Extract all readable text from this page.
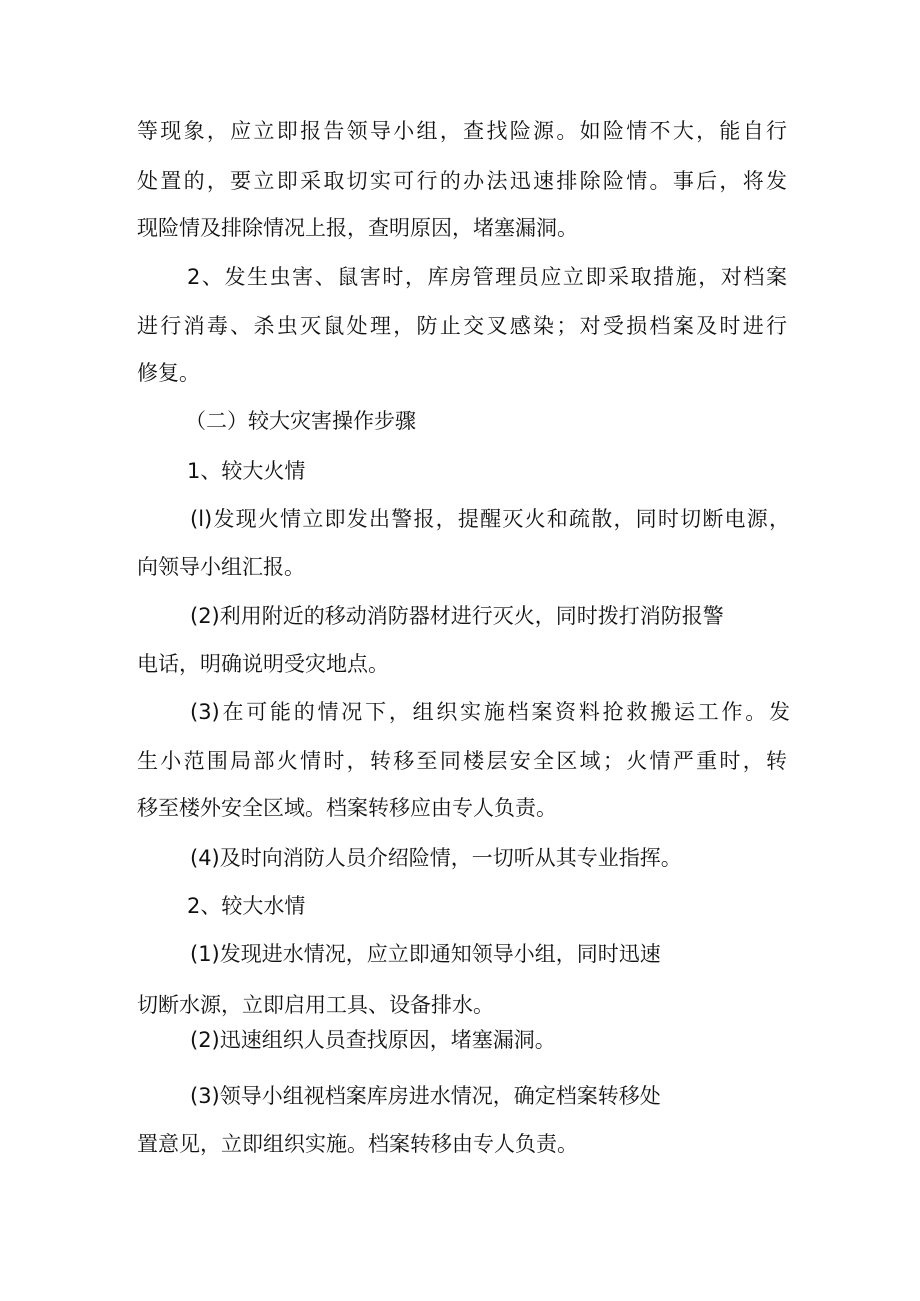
等现象，应立即报告领导小组，查找险源。如险情不大，能自行
处置的，要立即采取切实可行的办法迅速排除险情。事后，将发
现险情及排除情况上报，查明原因，堵塞漏洞。
2、发生虫害、鼠害时，库房管理员应立即采取措施，对档案
进行消毒、杀虫灭鼠处理，防止交叉感染；对受损档案及时进行
修复。
（二）较大灾害操作步骤
1、较大火情
(l)发现火情立即发出警报，提醒灭火和疏散，同时切断电源，
向领导小组汇报。
(2)利用附近的移动消防器材进行灭火，同时拨打消防报警
电话，明确说明受灾地点。
(3)在可能的情况下，组织实施档案资料抢救搬运工作。发
生小范围局部火情时，转移至同楼层安全区域；火情严重时，转
移至楼外安全区域。档案转移应由专人负责。
(4)及时向消防人员介绍险情，一切听从其专业指挥。
2、较大水情
(1)发现进水情况，应立即通知领导小组，同时迅速
切断水源，立即启用工具、设备排水。
(2)迅速组织人员查找原因，堵塞漏洞。
(3)领导小组视档案库房进水情况，确定档案转移处
置意见，立即组织实施。档案转移由专人负责。
